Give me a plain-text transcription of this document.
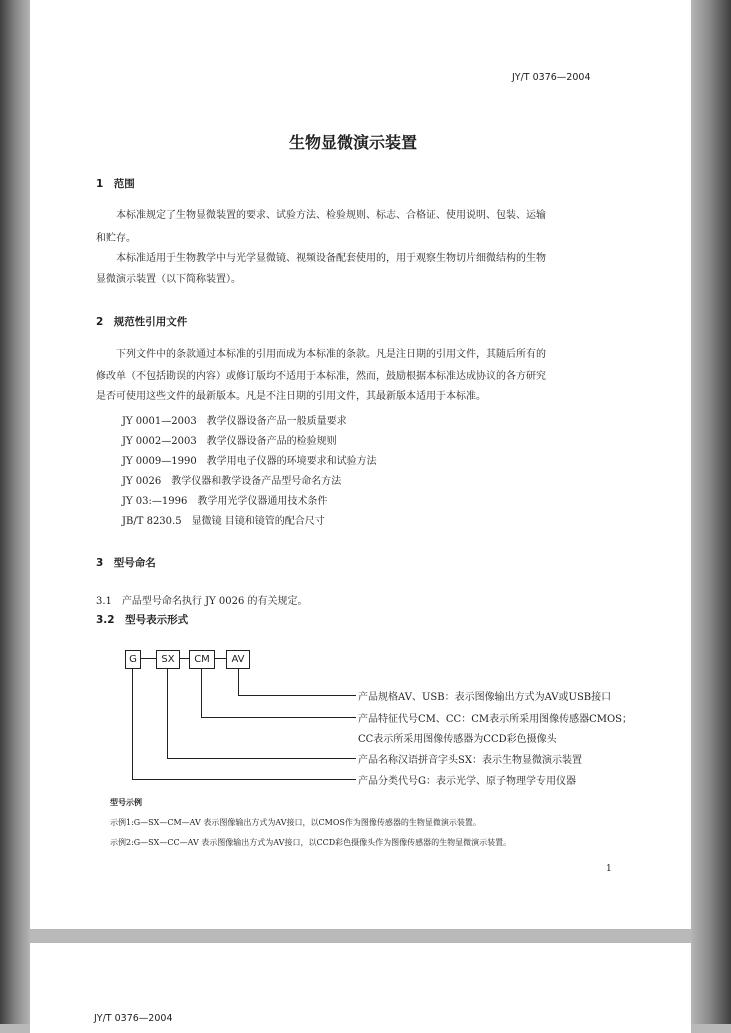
JY/T 0376—2004
生物显微演示装置
1　范围
　　本标准规定了生物显微装置的要求、试验方法、检验规则、标志、合格证、使用说明、包装、运输
和贮存。
　　本标准适用于生物教学中与光学显微镜、视频设备配套使用的，用于观察生物切片细微结构的生物
显微演示装置（以下简称装置）。
2　规范性引用文件
　　下列文件中的条款通过本标准的引用而成为本标准的条款。凡是注日期的引用文件，其随后所有的
修改单（不包括勘误的内容）或修订版均不适用于本标准，然而，鼓励根据本标准达成协议的各方研究
是否可使用这些文件的最新版本。凡是不注日期的引用文件，其最新版本适用于本标准。
JY 0001—2003　教学仪器设备产品一般质量要求
JY 0002—2003　教学仪器设备产品的检验规则
JY 0009—1990　教学用电子仪器的环境要求和试验方法
JY 0026　教学仪器和教学设备产品型号命名方法
JY 03:—1996　教学用光学仪器通用技术条件
JB/T 8230.5　显微镜 目镜和镜管的配合尺寸
3　型号命名
3.1　产品型号命名执行 JY 0026 的有关规定。
3.2　型号表示形式
G	SX	CM	AV
产品规格AV、USB：表示图像输出方式为AV或USB接口
产品特征代号CM、CC：CM表示所采用图像传感器CMOS；
CC表示所采用图像传感器为CCD彩色摄像头
产品名称汉语拼音字头SX：表示生物显微演示装置
产品分类代号G：表示光学、原子物理学专用仪器
型号示例
示例1:G—SX—CM—AV 表示图像输出方式为AV接口，以CMOS作为图像传感器的生物显微演示装置。
示例2:G—SX—CC—AV 表示图像输出方式为AV接口，以CCD彩色摄像头作为图像传感器的生物显微演示装置。
1
JY/T 0376—2004
